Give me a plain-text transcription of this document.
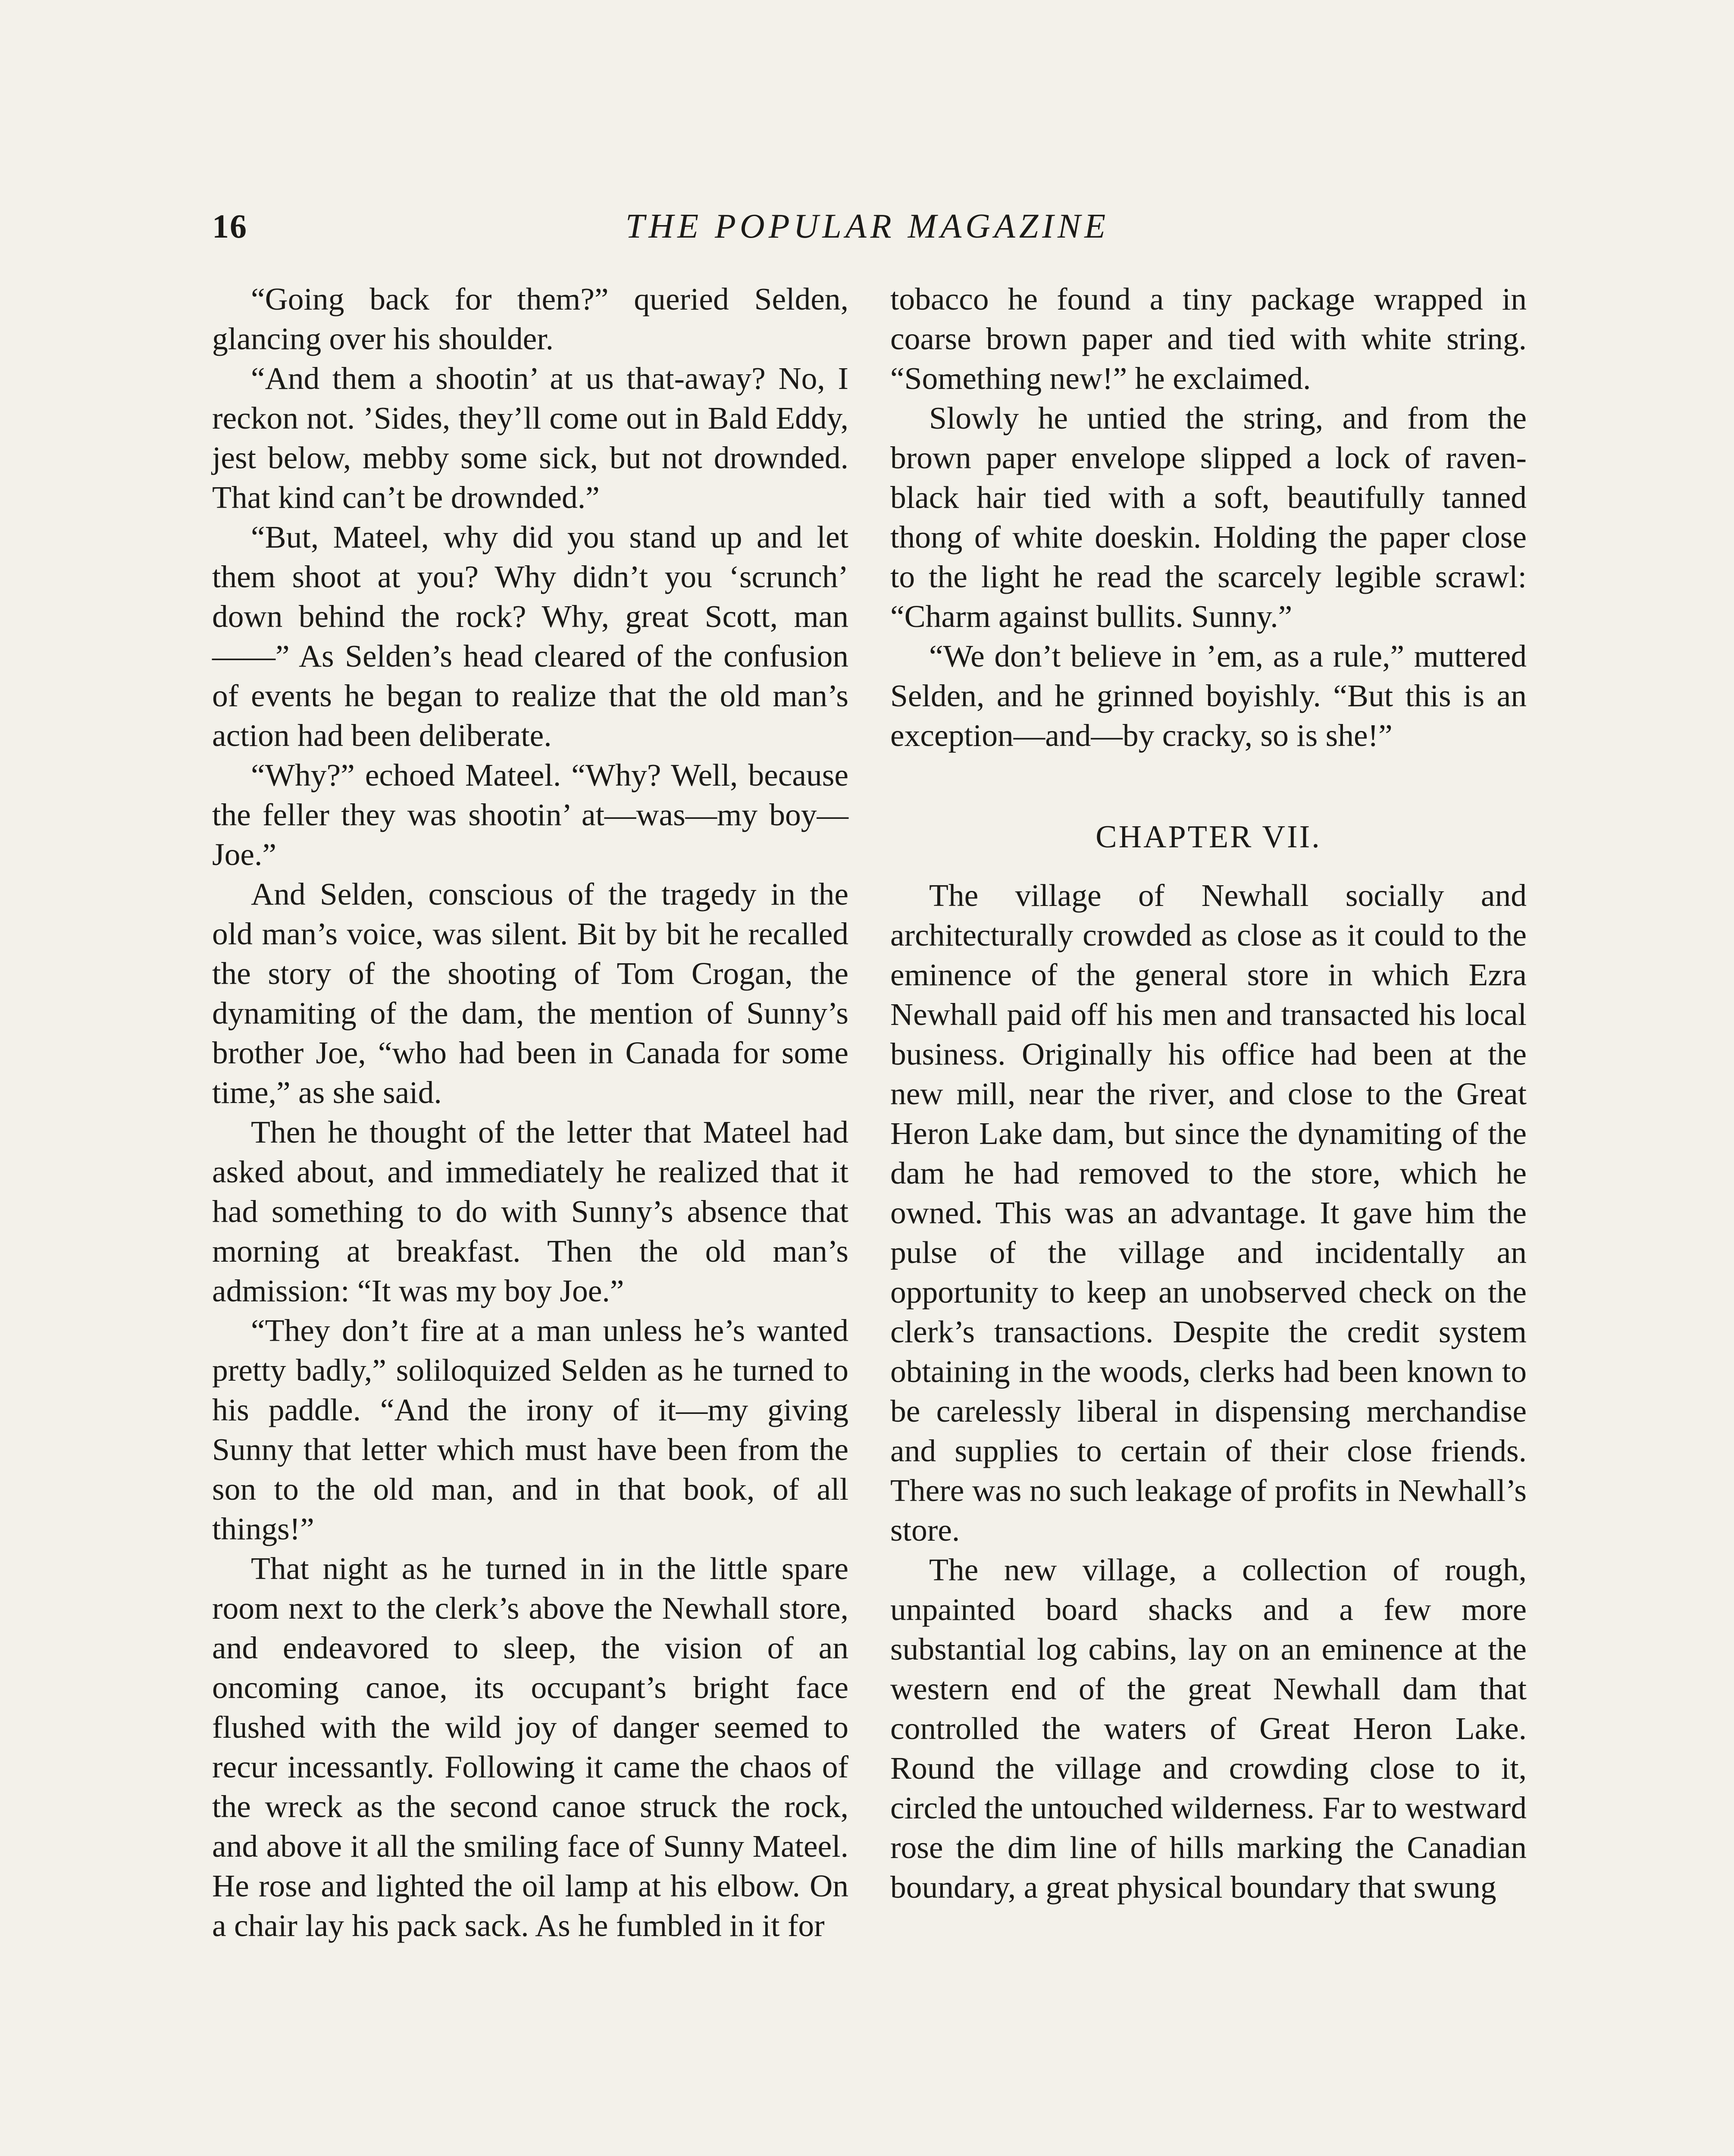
16	THE POPULAR MAGAZINE

“Going back for them?” queried Selden, glancing over his shoulder.

“And them a shootin’ at us that-away? No, I reckon not. ’Sides, they’ll come out in Bald Eddy, jest below, mebby some sick, but not drownded. That kind can’t be drownded.”

“But, Mateel, why did you stand up and let them shoot at you? Why didn’t you ‘scrunch’ down behind the rock? Why, great Scott, man——” As Selden’s head cleared of the confusion of events he began to realize that the old man’s action had been deliberate.

“Why?” echoed Mateel. “Why? Well, because the feller they was shootin’ at—was—my boy—Joe.”

And Selden, conscious of the tragedy in the old man’s voice, was silent. Bit by bit he recalled the story of the shooting of Tom Crogan, the dynamiting of the dam, the mention of Sunny’s brother Joe, “who had been in Canada for some time,” as she said.

Then he thought of the letter that Mateel had asked about, and immediately he realized that it had something to do with Sunny’s absence that morning at breakfast. Then the old man’s admission: “It was my boy Joe.”

“They don’t fire at a man unless he’s wanted pretty badly,” soliloquized Selden as he turned to his paddle. “And the irony of it—my giving Sunny that letter which must have been from the son to the old man, and in that book, of all things!”

That night as he turned in in the little spare room next to the clerk’s above the Newhall store, and endeavored to sleep, the vision of an oncoming canoe, its occupant’s bright face flushed with the wild joy of danger seemed to recur incessantly. Following it came the chaos of the wreck as the second canoe struck the rock, and above it all the smiling face of Sunny Mateel. He rose and lighted the oil lamp at his elbow. On a chair lay his pack sack. As he fumbled in it for

tobacco he found a tiny package wrapped in coarse brown paper and tied with white string. “Something new!” he exclaimed.

Slowly he untied the string, and from the brown paper envelope slipped a lock of raven-black hair tied with a soft, beautifully tanned thong of white doeskin. Holding the paper close to the light he read the scarcely legible scrawl: “Charm against bullits. Sunny.”

“We don’t believe in ’em, as a rule,” muttered Selden, and he grinned boyishly. “But this is an exception—and—by cracky, so is she!”

CHAPTER VII.

The village of Newhall socially and architecturally crowded as close as it could to the eminence of the general store in which Ezra Newhall paid off his men and transacted his local business. Originally his office had been at the new mill, near the river, and close to the Great Heron Lake dam, but since the dynamiting of the dam he had removed to the store, which he owned. This was an advantage. It gave him the pulse of the village and incidentally an opportunity to keep an unobserved check on the clerk’s transactions. Despite the credit system obtaining in the woods, clerks had been known to be carelessly liberal in dispensing merchandise and supplies to certain of their close friends. There was no such leakage of profits in Newhall’s store.

The new village, a collection of rough, unpainted board shacks and a few more substantial log cabins, lay on an eminence at the western end of the great Newhall dam that controlled the waters of Great Heron Lake. Round the village and crowding close to it, circled the untouched wilderness. Far to westward rose the dim line of hills marking the Canadian boundary, a great physical boundary that swung
